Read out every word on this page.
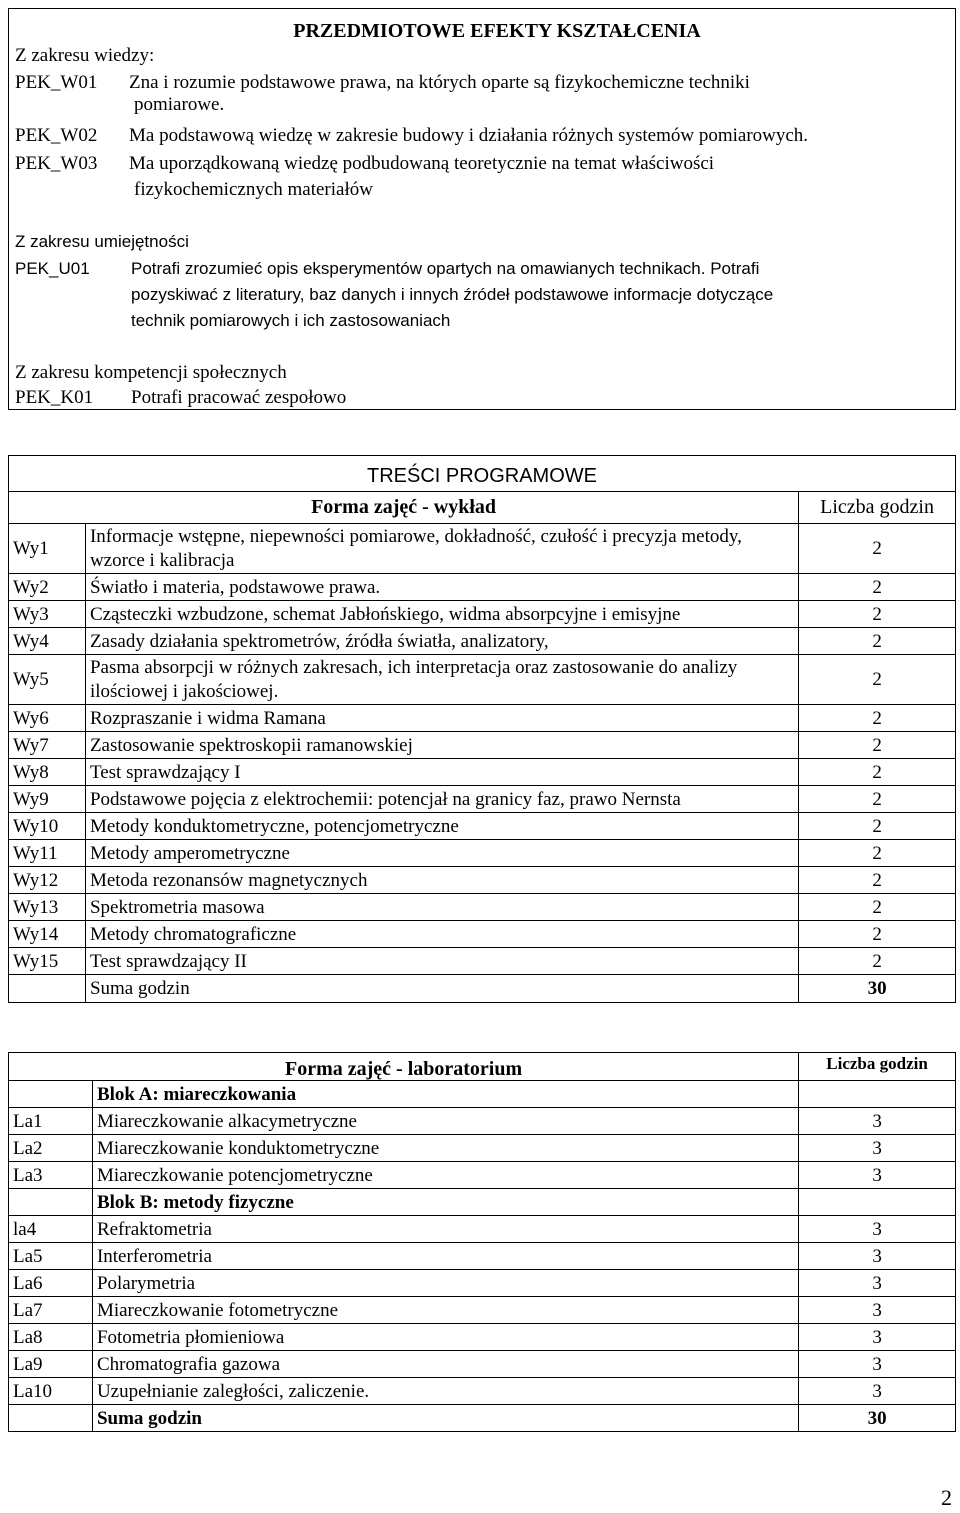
PRZEDMIOTOWE EFEKTY KSZTAŁCENIA
Z zakresu wiedzy:
PEK_W01 Zna i rozumie podstawowe prawa, na których oparte są fizykochemiczne techniki
pomiarowe.
PEK_W02 Ma podstawową wiedzę w zakresie budowy i działania różnych systemów pomiarowych.
PEK_W03 Ma uporządkowaną wiedzę podbudowaną teoretycznie na temat właściwości
fizykochemicznych materiałów
Z zakresu umiejętności
PEK_U01 Potrafi zrozumieć opis eksperymentów opartych na omawianych technikach. Potrafi
pozyskiwać z literatury, baz danych i innych źródeł podstawowe informacje dotyczące
technik pomiarowych i ich zastosowaniach
Z zakresu kompetencji społecznych
PEK_K01 Potrafi pracować zespołowo
TREŚCI PROGRAMOWE		
Forma zajęć - wykład		Liczba godzin
Wy1	Informacje wstępne, niepewności pomiarowe, dokładność, czułość i precyzja metody, wzorce i kalibracja	2
Wy2	Światło i materia, podstawowe prawa.	2
Wy3	Cząsteczki wzbudzone, schemat Jabłońskiego, widma absorpcyjne i emisyjne	2
Wy4	Zasady działania spektrometrów, źródła światła, analizatory,	2
Wy5	Pasma absorpcji w różnych zakresach, ich interpretacja oraz zastosowanie do analizy ilościowej i jakościowej.	2
Wy6	Rozpraszanie i widma Ramana	2
Wy7	Zastosowanie spektroskopii ramanowskiej	2
Wy8	Test sprawdzający I	2
Wy9	Podstawowe pojęcia z elektrochemii: potencjał na granicy faz, prawo Nernsta	2
Wy10	Metody konduktometryczne, potencjometryczne	2
Wy11	Metody amperometryczne	2
Wy12	Metoda rezonansów magnetycznych	2
Wy13	Spektrometria masowa	2
Wy14	Metody chromatograficzne	2
Wy15	Test sprawdzający II	2
	Suma godzin	30
Forma zajęć - laboratorium		Liczba godzin
	Blok A: miareczkowania	
La1	Miareczkowanie alkacymetryczne	3
La2	Miareczkowanie konduktometryczne	3
La3	Miareczkowanie potencjometryczne	3
	Blok B: metody fizyczne	
la4	Refraktometria	3
La5	Interferometria	3
La6	Polarymetria	3
La7	Miareczkowanie fotometryczne	3
La8	Fotometria płomieniowa	3
La9	Chromatografia gazowa	3
La10	Uzupełnianie zaległości, zaliczenie.	3
	Suma godzin	30
2
